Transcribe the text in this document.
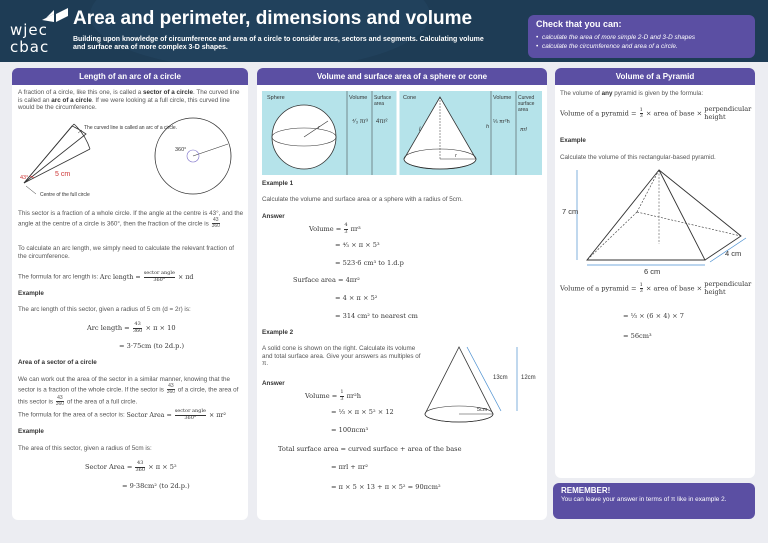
wjec
cbac
Area and perimeter, dimensions and volume
Building upon knowledge of circumference and area of a circle to consider arcs, sectors and segments. Calculating volume and surface area of more complex 3-D shapes.
Check that you can:
• calculate the area of more simple 2-D and 3-D shapes
• calculate the circumference and area of a circle.
Length of an arc of a circle
A fraction of a circle, like this one, is called a sector of a circle. The curved line is called an arc of a circle. If we were looking at a full circle, this curved line would be the circumference.
43°	5 cm
The curved line is called an arc of a circle.
Centre of the full circle
360°
This sector is a fraction of a whole circle. If the angle at the centre is 43°, and the angle at the centre of a circle is 360°, then the fraction of the circle is $\frac{43}{360}$
To calculate an arc length, we simply need to calculate the relevant fraction of the circumference.
The formula for arc length is: Arc length = $\frac{\text{sector angle}}{360^\circ} \times \pi d$
Example
The arc length of this sector, given a radius of 5 cm (d = 2r) is:
Arc length = $\frac{43}{360} \times \pi \times 10$
= 3·75cm (to 2d.p.)
Area of a sector of a circle
We can work out the area of the sector in a similar manner, knowing that the sector is a fraction of the whole circle. If the sector is $\frac{43}{360}$ of a circle, the area of this sector is $\frac{43}{360}$ of the area of a full circle.
The formula for the area of a sector is: Sector Area = $\frac{\text{sector angle}}{360^\circ} \times \pi r^2$
Example
The area of this sector, given a radius of 5cm is:
Sector Area = $\frac{43}{360} \times \pi \times 5^2$
= 9·38cm² (to 2d.p.)
Volume and surface area of a sphere or cone
Sphere	Volume Surface
area
r
⁴⁄₃ πr³ 4πr²
Cone	Volume Curved
surface
area
r
l	h
⅓ πr²h
πrl
Example 1
Calculate the volume and surface area or a sphere with a radius of 5cm.
Answer
Volume = $\frac{4}{3} \pi r^3$
= ⁴⁄₃ × π × 5³
= 523·6 cm³ to 1.d.p
Surface area = 4πr²
= 4 × π × 5²
= 314 cm² to nearest cm
Example 2
A solid cone is shown on the right. Calculate its volume and total surface area. Give your answers as multiples of π.
Answer
13cm 12cm
5cm
Volume = $\frac{1}{3} \pi r^2h$
= ⅓ × π × 5² × 12
= 100πcm³
Total surface area = curved surface + area of the base
= πrl + πr²
= π × 5 × 13 + π × 5² = 90πcm²
Volume of a Pyramid
The volume of any pyramid is given by the formula:
Volume of a pyramid = $\frac{1}{3}$ × area of base × perpendicular height
Example
Calculate the volume of this rectangular-based pyramid.
7 cm
4 cm
6 cm
Volume of a pyramid = $\frac{1}{3}$ × area of base × perpendicular height
= ⅓ × (6 × 4) × 7
= 56cm³
REMEMBER!

You can leave your answer in terms of π like in example 2.
